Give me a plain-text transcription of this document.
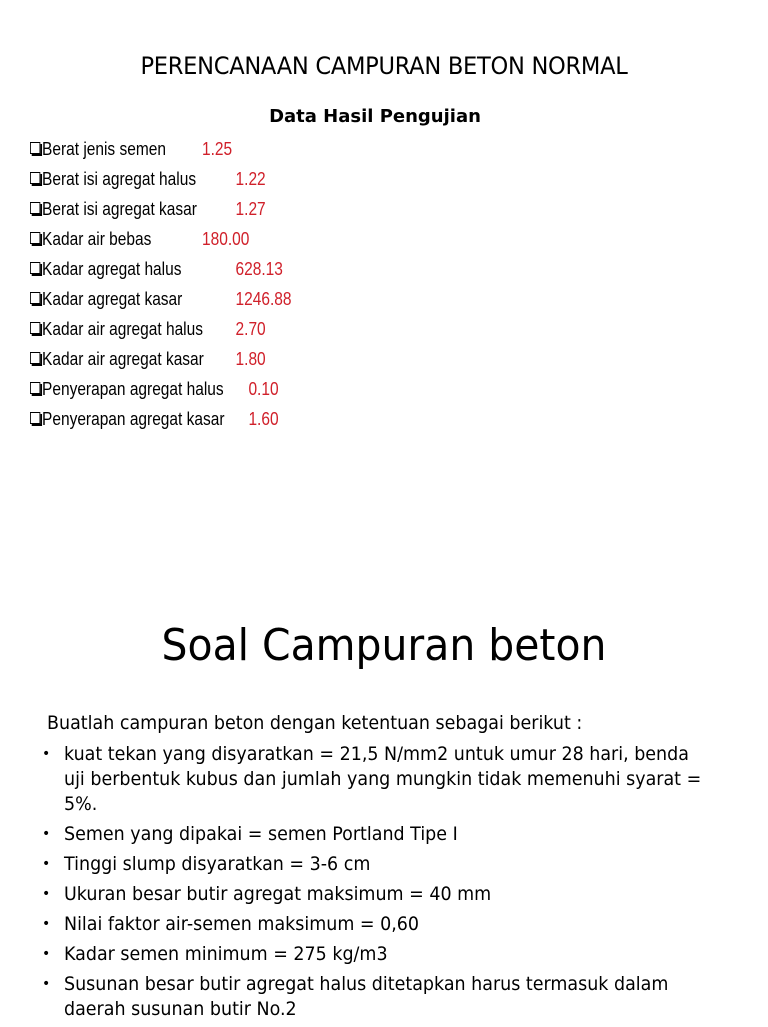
PERENCANAAN CAMPURAN BETON NORMAL
Data Hasil Pengujian
Berat jenis semen 1.25
Berat isi agregat halus 1.22
Berat isi agregat kasar 1.27
Kadar air bebas	180.00
Kadar agregat halus	628.13
Kadar agregat kasar	1246.88
Kadar air agregat halus 2.70
Kadar air agregat kasar 1.80
Penyerapan agregat halus 0.10
Penyerapan agregat kasar 1.60
Soal Campuran beton
Buatlah campuran beton dengan ketentuan sebagai berikut :
• kuat tekan yang disyaratkan = 21,5 N/mm2 untuk umur 28 hari, benda uji berbentuk kubus dan jumlah yang mungkin tidak memenuhi syarat = 5%.
• Semen yang dipakai = semen Portland Tipe I
• Tinggi slump disyaratkan = 3-6 cm
• Ukuran besar butir agregat maksimum = 40 mm
• Nilai faktor air-semen maksimum = 0,60
• Kadar semen minimum = 275 kg/m3
• Susunan besar butir agregat halus ditetapkan harus termasuk dalam daerah susunan butir No.2
